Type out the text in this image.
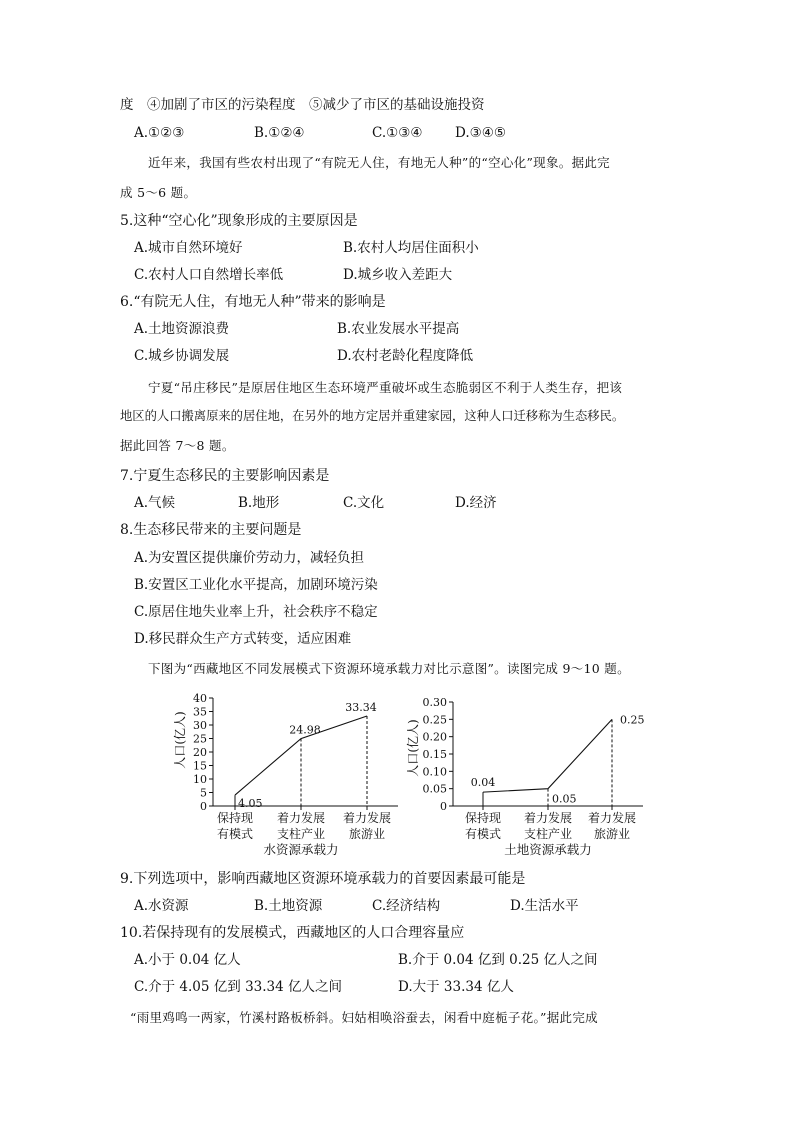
度　④加剧了市区的污染程度　⑤减少了市区的基础设施投资
A.①②③	B.①②④	C.①③④ D.③④⑤
近年来，我国有些农村出现了“有院无人住，有地无人种”的“空心化”现象。据此完
成 5～6 题。
5.这种“空心化”现象形成的主要原因是
A.城市自然环境好	B.农村人均居住面积小
C.农村人口自然增长率低	D.城乡收入差距大
6.“有院无人住，有地无人种”带来的影响是
A.土地资源浪费	B.农业发展水平提高
C.城乡协调发展	D.农村老龄化程度降低
宁夏“吊庄移民”是原居住地区生态环境严重破坏或生态脆弱区不利于人类生存，把该
地区的人口搬离原来的居住地，在另外的地方定居并重建家园，这种人口迁移称为生态移民。
据此回答 7～8 题。
7.宁夏生态移民的主要影响因素是
A.气候	B.地形	C.文化	D.经济
8.生态移民带来的主要问题是
A.为安置区提供廉价劳动力，减轻负担
B.安置区工业化水平提高，加剧环境污染
C.原居住地失业率上升，社会秩序不稳定
D.移民群众生产方式转变，适应困难
下图为“西藏地区不同发展模式下资源环境承载力对比示意图”。读图完成 9～10 题。
0
5
10
15
20
25
30
35
40
人口(亿人)
4.05
24.98
33.34
保持现
有模式
着力发展
支柱产业
着力发展
旅游业
水资源承载力
0
0.05
0.10
0.15
0.20
0.25
0.30
人口(亿人)
0.04
0.05
0.25
保持现
有模式
着力发展
支柱产业
着力发展
旅游业
土地资源承载力
9.下列选项中，影响西藏地区资源环境承载力的首要因素最可能是
A.水资源	B.土地资源	C.经济结构	D.生活水平
10.若保持现有的发展模式，西藏地区的人口合理容量应
A.小于 0.04 亿人	B.介于 0.04 亿到 0.25 亿人之间
C.介于 4.05 亿到 33.34 亿人之间	D.大于 33.34 亿人
“雨里鸡鸣一两家，竹溪村路板桥斜。妇姑相唤浴蚕去，闲看中庭栀子花。”据此完成
